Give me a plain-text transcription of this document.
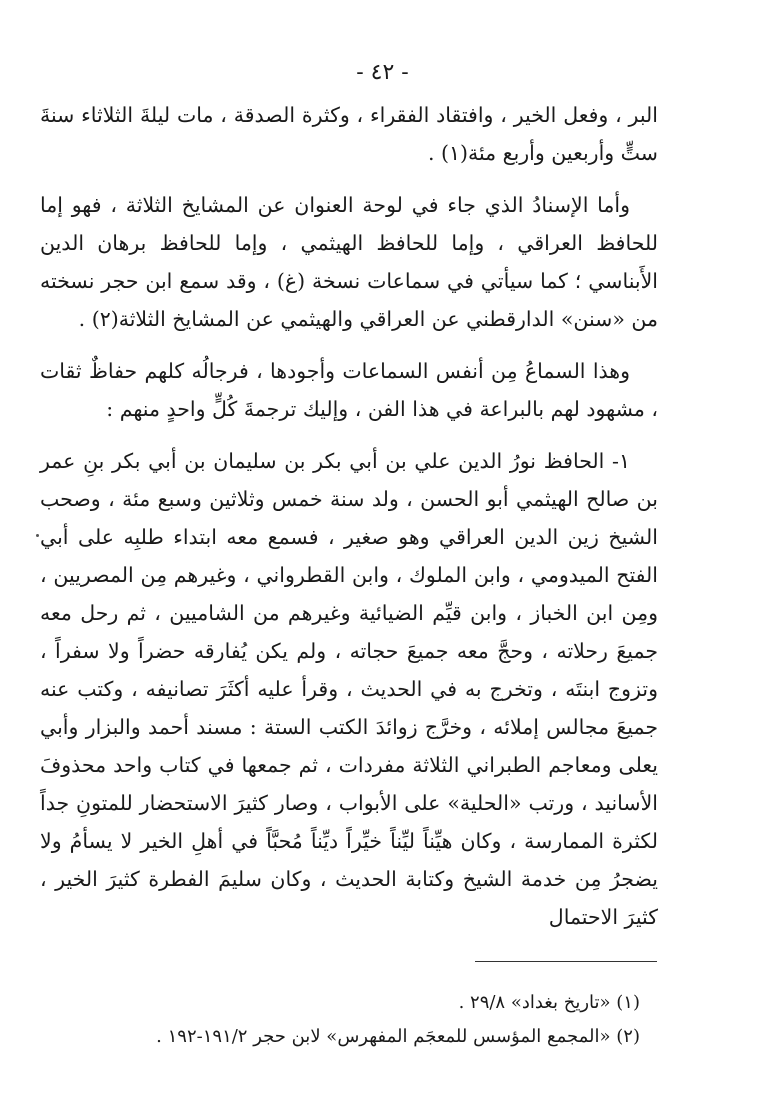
- ٤٢ -

البر ، وفعل الخير ، وافتقاد الفقراء ، وكثرة الصدقة ، مات ليلةَ الثلاثاء سنةَ ستٍّ وأربعين وأربع مئة(١) .

وأما الإسنادُ الذي جاء في لوحة العنوان عن المشايخ الثلاثة ، فهو إما للحافظ العراقي ، وإما للحافظ الهيثمي ، وإما للحافظ برهان الدين الأَبناسي ؛ كما سيأتي في سماعات نسخة (غ) ، وقد سمع ابن حجر نسخته من «سنن» الدارقطني عن العراقي والهيثمي عن المشايخ الثلاثة(٢) .

وهذا السماعُ مِن أنفس السماعات وأجودها ، فرجالُه كلهم حفاظٌ ثقات ، مشهود لهم بالبراعة في هذا الفن ، وإليك ترجمةَ كُلٍّ واحدٍ منهم :

١- الحافظ نورُ الدين علي بن أبي بكر بن سليمان بن أبي بكر بنِ عمر بن صالح الهيثمي أبو الحسن ، ولد سنة خمس وثلاثين وسبع مئة ، وصحب الشيخ زين الدين العراقي وهو صغير ، فسمع معه ابتداء طلبِه على أبي الفتح الميدومي ، وابن الملوك ، وابن القطرواني ، وغيرهم مِن المصريين ، ومِن ابن الخباز ، وابن قيِّم الضيائية وغيرهم من الشاميين ، ثم رحل معه جميعَ رحلاته ، وحجَّ معه جميعَ حجاته ، ولم يكن يُفارقه حضراً ولا سفراً ، وتزوج ابنتَه ، وتخرج به في الحديث ، وقرأ عليه أكثَرَ تصانيفه ، وكتب عنه جميعَ مجالس إملائه ، وخرَّج زوائدَ الكتب الستة : مسند أحمد والبزار وأبي يعلى ومعاجم الطبراني الثلاثة مفردات ، ثم جمعها في كتاب واحد محذوفَ الأسانيد ، ورتب «الحلية» على الأبواب ، وصار كثيرَ الاستحضار للمتونِ جداً لكثرة الممارسة ، وكان هيِّناً ليِّناً خيِّراً ديِّناً مُحبَّاً في أهلِ الخير لا يسأمُ ولا يضجرُ مِن خدمة الشيخ وكتابة الحديث ، وكان سليمَ الفطرة كثيرَ الخير ، كثيرَ الاحتمال

(١) «تاريخ بغداد» ٢٩/٨ .

(٢) «المجمع المؤسس للمعجَم المفهرس» لابن حجر ١٩١/٢-١٩٢ .
